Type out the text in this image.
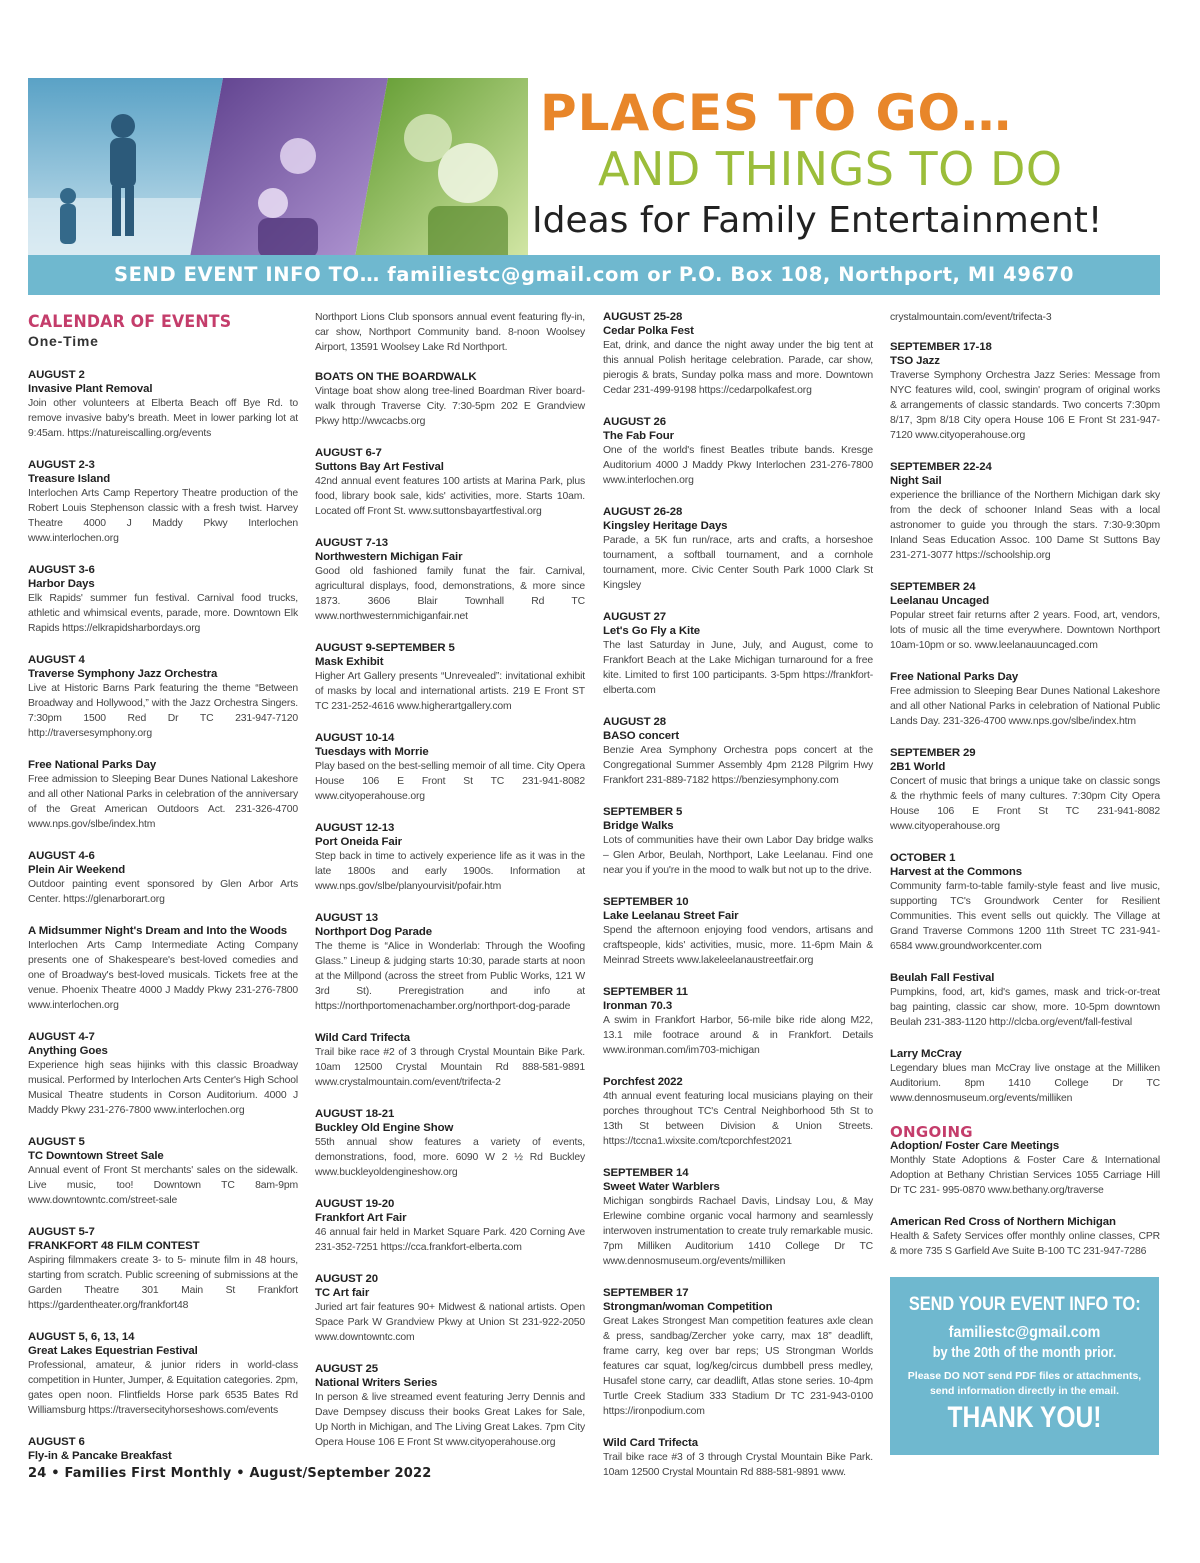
PLACES TO GO…
AND THINGS TO DO
Ideas for Family Entertainment!
SEND EVENT INFO TO… familiestc@gmail.com or P.O. Box 108, Northport, MI 49670
CALENDAR OF EVENTS
One-Time
AUGUST 2
Invasive Plant Removal
Join other volunteers at Elberta Beach off Bye Rd. to remove invasive baby's breath. Meet in lower parking lot at 9:45am. https://natureiscalling.org/events
AUGUST 2-3
Treasure Island
Interlochen Arts Camp Repertory Theatre production of the Robert Louis Stephenson classic with a fresh twist. Harvey Theatre 4000 J Maddy Pkwy Interlochen www.interlochen.org
AUGUST 3-6
Harbor Days
Elk Rapids' summer fun festival. Carnival food trucks, athletic and whimsical events, parade, more. Downtown Elk Rapids https://elkrapidsharbordays.org
AUGUST 4
Traverse Symphony Jazz Orchestra
Live at Historic Barns Park featuring the theme “Between Broadway and Hollywood,” with the Jazz Orchestra Singers. 7:30pm 1500 Red Dr TC 231-947-7120 http://traversesymphony.org
Free National Parks Day
Free admission to Sleeping Bear Dunes National Lakeshore and all other National Parks in celebration of the anniversary of the Great American Outdoors Act. 231-326-4700 www.nps.gov/slbe/index.htm
AUGUST 4-6
Plein Air Weekend
Outdoor painting event sponsored by Glen Arbor Arts Center. https://glenarborart.org
A Midsummer Night's Dream and Into the Woods
Interlochen Arts Camp Intermediate Acting Company presents one of Shakespeare's best-loved comedies and one of Broadway's best-loved musicals. Tickets free at the venue. Phoenix Theatre 4000 J Maddy Pkwy 231-276-7800 www.interlochen.org
AUGUST 4-7
Anything Goes
Experience high seas hijinks with this classic Broadway musical. Performed by Interlochen Arts Center's High School Musical Theatre students in Corson Auditorium. 4000 J Maddy Pkwy 231-276-7800 www.interlochen.org
AUGUST 5
TC Downtown Street Sale
Annual event of Front St merchants' sales on the sidewalk. Live music, too! Downtown TC 8am-9pm www.downtowntc.com/street-sale
AUGUST 5-7
FRANKFORT 48 FILM CONTEST
Aspiring filmmakers create 3- to 5- minute film in 48 hours, starting from scratch. Public screening of submissions at the Garden Theatre 301 Main St Frankfort https://gardentheater.org/frankfort48
AUGUST 5, 6, 13, 14
Great Lakes Equestrian Festival
Professional, amateur, & junior riders in world-class competition in Hunter, Jumper, & Equitation categories. 2pm, gates open noon. Flintfields Horse park 6535 Bates Rd Williamsburg https://traversecityhorseshows.com/events
AUGUST 6
Fly-in & Pancake Breakfast
Northport Lions Club sponsors annual event featuring fly-in, car show, Northport Community band. 8-noon Woolsey Airport, 13591 Woolsey Lake Rd Northport.
BOATS ON THE BOARDWALK
Vintage boat show along tree-lined Boardman River board-walk through Traverse City. 7:30-5pm 202 E Grandview Pkwy http://wwcacbs.org
AUGUST 6-7
Suttons Bay Art Festival
42nd annual event features 100 artists at Marina Park, plus food, library book sale, kids' activities, more. Starts 10am. Located off Front St. www.suttonsbayartfestival.org
AUGUST 7-13
Northwestern Michigan Fair
Good old fashioned family funat the fair. Carnival, agricultural displays, food, demonstrations, & more since 1873. 3606 Blair Townhall Rd TC www.northwesternmichiganfair.net
AUGUST 9-SEPTEMBER 5
Mask Exhibit
Higher Art Gallery presents “Unrevealed”: invitational exhibit of masks by local and international artists. 219 E Front ST TC 231-252-4616 www.higherartgallery.com
AUGUST 10-14
Tuesdays with Morrie
Play based on the best-selling memoir of all time. City Opera House 106 E Front St TC 231-941-8082 www.cityoperahouse.org
AUGUST 12-13
Port Oneida Fair
Step back in time to actively experience life as it was in the late 1800s and early 1900s. Information at www.nps.gov/slbe/planyourvisit/pofair.htm
AUGUST 13
Northport Dog Parade
The theme is “Alice in Wonderlab: Through the Woofing Glass.” Lineup & judging starts 10:30, parade starts at noon at the Millpond (across the street from Public Works, 121 W 3rd St). Preregistration and info at https://northportomenachamber.org/northport-dog-parade
Wild Card Trifecta
Trail bike race #2 of 3 through Crystal Mountain Bike Park. 10am 12500 Crystal Mountain Rd 888-581-9891 www.crystalmountain.com/event/trifecta-2
AUGUST 18-21
Buckley Old Engine Show
55th annual show features a variety of events, demonstrations, food, more. 6090 W 2 ½ Rd Buckley www.buckleyoldengineshow.org
AUGUST 19-20
Frankfort Art Fair
46 annual fair held in Market Square Park. 420 Corning Ave 231-352-7251 https://cca.frankfort-elberta.com
AUGUST 20
TC Art fair
Juried art fair features 90+ Midwest & national artists. Open Space Park W Grandview Pkwy at Union St 231-922-2050 www.downtowntc.com
AUGUST 25
National Writers Series
In person & live streamed event featuring Jerry Dennis and Dave Dempsey discuss their books Great Lakes for Sale, Up North in Michigan, and The Living Great Lakes. 7pm City Opera House 106 E Front St www.cityoperahouse.org
AUGUST 25-28
Cedar Polka Fest
Eat, drink, and dance the night away under the big tent at this annual Polish heritage celebration. Parade, car show, pierogis & brats, Sunday polka mass and more. Downtown Cedar 231-499-9198 https://cedarpolkafest.org
AUGUST 26
The Fab Four
One of the world's finest Beatles tribute bands. Kresge Auditorium 4000 J Maddy Pkwy Interlochen 231-276-7800 www.interlochen.org
AUGUST 26-28
Kingsley Heritage Days
Parade, a 5K fun run/race, arts and crafts, a horseshoe tournament, a softball tournament, and a cornhole tournament, more. Civic Center South Park 1000 Clark St Kingsley
AUGUST 27
Let's Go Fly a Kite
The last Saturday in June, July, and August, come to Frankfort Beach at the Lake Michigan turnaround for a free kite. Limited to first 100 participants. 3-5pm https://frankfort-elberta.com
AUGUST 28
BASO concert
Benzie Area Symphony Orchestra pops concert at the Congregational Summer Assembly 4pm 2128 Pilgrim Hwy Frankfort 231-889-7182 https://benziesymphony.com
SEPTEMBER 5
Bridge Walks
Lots of communities have their own Labor Day bridge walks – Glen Arbor, Beulah, Northport, Lake Leelanau. Find one near you if you're in the mood to walk but not up to the drive.
SEPTEMBER 10
Lake Leelanau Street Fair
Spend the afternoon enjoying food vendors, artisans and craftspeople, kids' activities, music, more. 11-6pm Main & Meinrad Streets www.lakeleelanaustreetfair.org
SEPTEMBER 11
Ironman 70.3
A swim in Frankfort Harbor, 56-mile bike ride along M22, 13.1 mile footrace around & in Frankfort. Details www.ironman.com/im703-michigan
Porchfest 2022
4th annual event featuring local musicians playing on their porches throughout TC's Central Neighborhood 5th St to 13th St between Division & Union Streets. https://tccna1.wixsite.com/tcporchfest2021
SEPTEMBER 14
Sweet Water Warblers
Michigan songbirds Rachael Davis, Lindsay Lou, & May Erlewine combine organic vocal harmony and seamlessly interwoven instrumentation to create truly remarkable music. 7pm Milliken Auditorium 1410 College Dr TC www.dennosmuseum.org/events/milliken
SEPTEMBER 17
Strongman/woman Competition
Great Lakes Strongest Man competition features axle clean & press, sandbag/Zercher yoke carry, max 18” deadlift, frame carry, keg over bar reps; US Strongman Worlds features car squat, log/keg/circus dumbbell press medley, Husafel stone carry, car deadlift, Atlas stone series. 10-4pm Turtle Creek Stadium 333 Stadium Dr TC 231-943-0100 https://ironpodium.com
Wild Card Trifecta
Trail bike race #3 of 3 through Crystal Mountain Bike Park. 10am 12500 Crystal Mountain Rd 888-581-9891 www.
crystalmountain.com/event/trifecta-3
SEPTEMBER 17-18
TSO Jazz
Traverse Symphony Orchestra Jazz Series: Message from NYC features wild, cool, swingin' program of original works & arrangements of classic standards. Two concerts 7:30pm 8/17, 3pm 8/18 City opera House 106 E Front St 231-947-7120 www.cityoperahouse.org
SEPTEMBER 22-24
Night Sail
experience the brilliance of the Northern Michigan dark sky from the deck of schooner Inland Seas with a local astronomer to guide you through the stars. 7:30-9:30pm Inland Seas Education Assoc. 100 Dame St Suttons Bay 231-271-3077 https://schoolship.org
SEPTEMBER 24
Leelanau Uncaged
Popular street fair returns after 2 years. Food, art, vendors, lots of music all the time everywhere. Downtown Northport 10am-10pm or so. www.leelanauuncaged.com
Free National Parks Day
Free admission to Sleeping Bear Dunes National Lakeshore and all other National Parks in celebration of National Public Lands Day. 231-326-4700 www.nps.gov/slbe/index.htm
SEPTEMBER 29
2B1 World
Concert of music that brings a unique take on classic songs & the rhythmic feels of many cultures. 7:30pm City Opera House 106 E Front St TC 231-941-8082 www.cityoperahouse.org
OCTOBER 1
Harvest at the Commons
Community farm-to-table family-style feast and live music, supporting TC's Groundwork Center for Resilient Communities. This event sells out quickly. The Village at Grand Traverse Commons 1200 11th Street TC 231-941-6584 www.groundworkcenter.com
Beulah Fall Festival
Pumpkins, food, art, kid's games, mask and trick-or-treat bag painting, classic car show, more. 10-5pm downtown Beulah 231-383-1120 http://clcba.org/event/fall-festival
Larry McCray
Legendary blues man McCray live onstage at the Milliken Auditorium. 8pm 1410 College Dr TC www.dennosmuseum.org/events/milliken
ONGOING
Adoption/ Foster Care Meetings
Monthly State Adoptions & Foster Care & International Adoption at Bethany Christian Services 1055 Carriage Hill Dr TC 231- 995-0870 www.bethany.org/traverse
American Red Cross of Northern Michigan
Health & Safety Services offer monthly online classes, CPR & more 735 S Garfield Ave Suite B-100 TC 231-947-7286
SEND YOUR EVENT INFO TO:
familiestc@gmail.com
by the 20th of the month prior.
Please DO NOT send PDF files or attachments, send information directly in the email.
THANK YOU!
24 • Families First Monthly • August/September 2022
